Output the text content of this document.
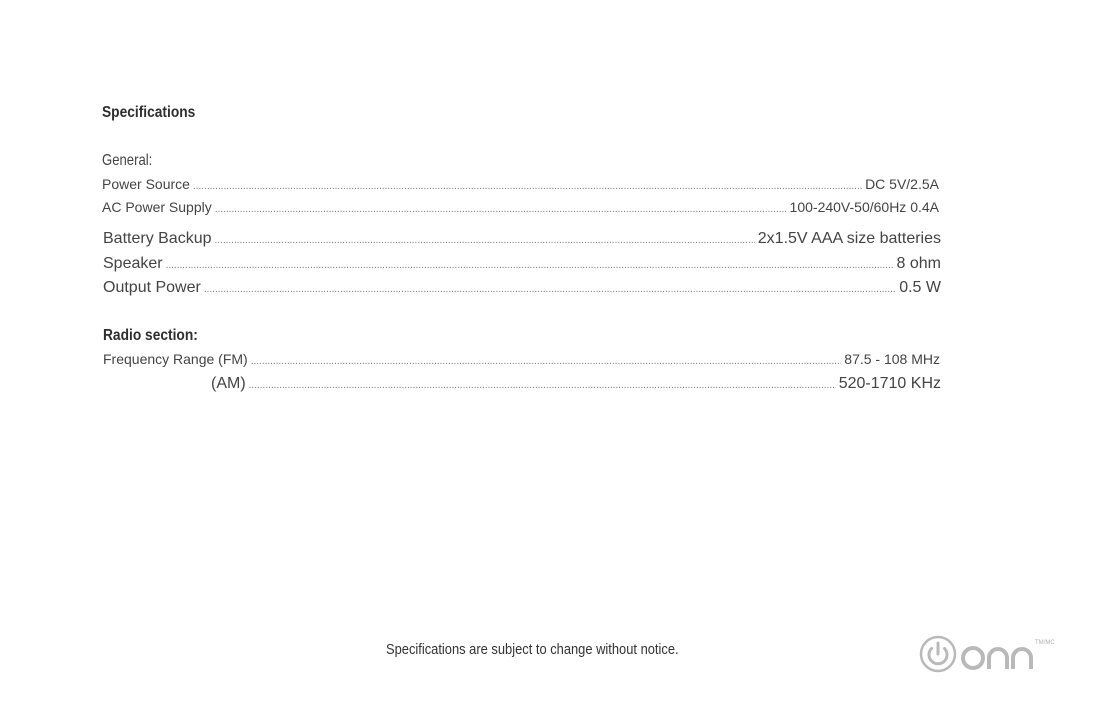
Specifications
General:
Power Source .....	DC 5V/2.5A
AC Power Supply .....	100-240V-50/60Hz 0.4A
Battery Backup .....	2x1.5V AAA size batteries
Speaker .....	8 ohm
Output Power .....	0.5 W
Radio section:
Frequency Range (FM) .....	87.5 - 108 MHz
(AM) .....	520-1710 KHz
Specifications are subject to change without notice.	TM/MC
